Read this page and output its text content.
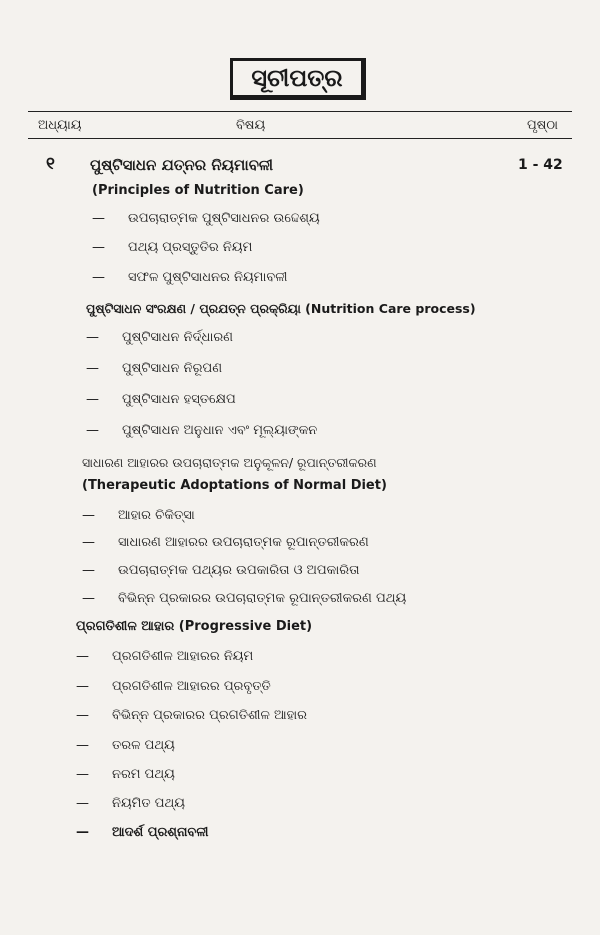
ସୂଚୀପତ୍ର
ଅଧ୍ୟାୟ	ବିଷୟ	ପୃଷ୍ଠା
୧ ପୁଷ୍ଟିସାଧନ ଯତ୍ନର ନିୟମାବଳୀ	1 - 42
(Principles of Nutrition Care)
— ଉପଚାରାତ୍ମକ ପୁଷ୍ଟିସାଧନର ଉଦ୍ଦେଶ୍ୟ
— ପଥ୍ୟ ପ୍ରସ୍ତୁତିର ନିୟମ
— ସଫଳ ପୁଷ୍ଟିସାଧନର ନିୟମାବଳୀ
ପୁଷ୍ଟିସାଧନ ସଂରକ୍ଷଣ / ପ୍ରଯତ୍ନ ପ୍ରକ୍ରିୟା (Nutrition Care process)
— ପୁଷ୍ଟିସାଧନ ନିର୍ଦ୍ଧାରଣ
— ପୁଷ୍ଟିସାଧନ ନିରୂପଣ
— ପୁଷ୍ଟିସାଧନ ହସ୍ତକ୍ଷେପ
— ପୁଷ୍ଟିସାଧନ ଅନୁଧାନ ଏବଂ ମୂଲ୍ୟାଙ୍କନ
ସାଧାରଣ ଆହାରର ଉପଚାରାତ୍ମକ ଅନୁକୂଳନ/ ରୂପାନ୍ତରୀକରଣ
(Therapeutic Adoptations of Normal Diet)
— ଆହାର ଚିକିତ୍ସା
— ସାଧାରଣ ଆହାରର ଉପଚାରାତ୍ମକ ରୂପାନ୍ତରୀକରଣ
— ଉପଚାରାତ୍ମକ ପଥ୍ୟର ଉପକାରିତା ଓ ଅପକାରିତା
— ବିଭିନ୍ନ ପ୍ରକାରର ଉପଚାରାତ୍ମକ ରୂପାନ୍ତରୀକରଣ ପଥ୍ୟ
ପ୍ରଗତିଶୀଳ ଆହାର (Progressive Diet)
— ପ୍ରଗତିଶୀଳ ଆହାରର ନିୟମ
— ପ୍ରଗତିଶୀଳ ଆହାରର ପ୍ରବୃତ୍ତି
— ବିଭିନ୍ନ ପ୍ରକାରର ପ୍ରଗତିଶୀଳ ଆହାର
— ତରଳ ପଥ୍ୟ
— ନରମ ପଥ୍ୟ
— ନିୟମିତ ପଥ୍ୟ
— ଆଦର୍ଶ ପ୍ରଶ୍ନାବଳୀ
